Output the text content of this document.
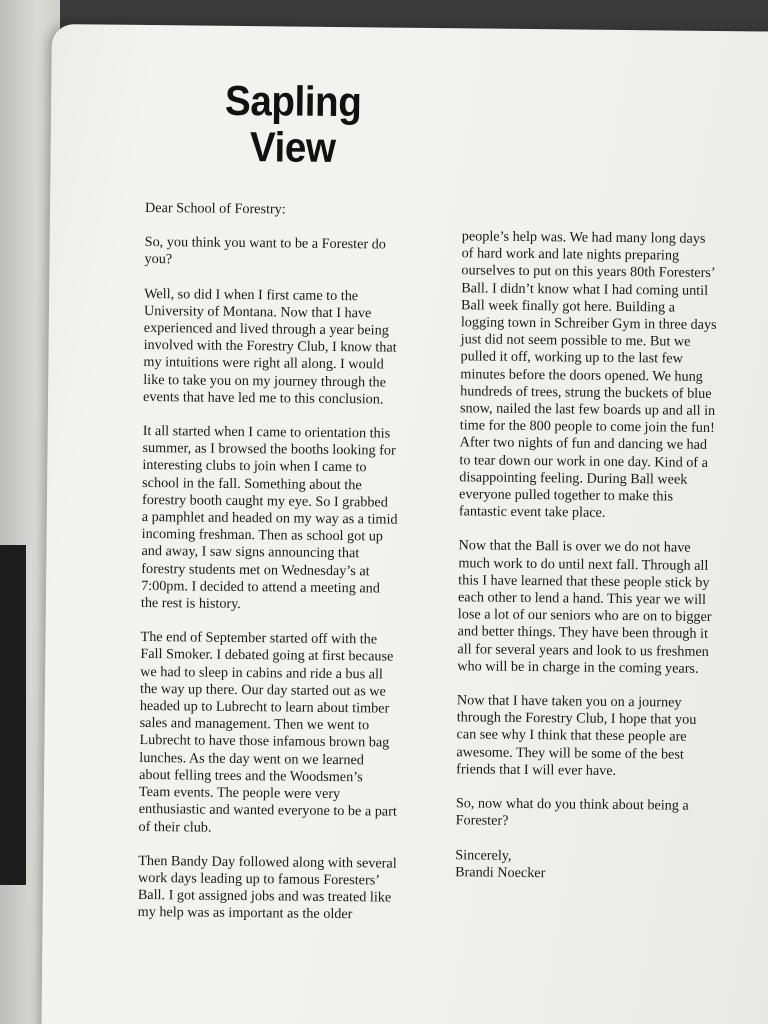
Sapling
View

Dear School of Forestry:

So, you think you want to be a Forester do
you?

Well, so did I when I first came to the
University of Montana. Now that I have
experienced and lived through a year being
involved with the Forestry Club, I know that
my intuitions were right all along. I would
like to take you on my journey through the
events that have led me to this conclusion.

It all started when I came to orientation this
summer, as I browsed the booths looking for
interesting clubs to join when I came to
school in the fall. Something about the
forestry booth caught my eye. So I grabbed
a pamphlet and headed on my way as a timid
incoming freshman. Then as school got up
and away, I saw signs announcing that
forestry students met on Wednesday’s at
7:00pm. I decided to attend a meeting and
the rest is history.

The end of September started off with the
Fall Smoker. I debated going at first because
we had to sleep in cabins and ride a bus all
the way up there. Our day started out as we
headed up to Lubrecht to learn about timber
sales and management. Then we went to
Lubrecht to have those infamous brown bag
lunches. As the day went on we learned
about felling trees and the Woodsmen’s
Team events. The people were very
enthusiastic and wanted everyone to be a part
of their club.

Then Bandy Day followed along with several
work days leading up to famous Foresters’
Ball. I got assigned jobs and was treated like
my help was as important as the older

people’s help was. We had many long days
of hard work and late nights preparing
ourselves to put on this years 80th Foresters’
Ball. I didn’t know what I had coming until
Ball week finally got here. Building a
logging town in Schreiber Gym in three days
just did not seem possible to me. But we
pulled it off, working up to the last few
minutes before the doors opened. We hung
hundreds of trees, strung the buckets of blue
snow, nailed the last few boards up and all in
time for the 800 people to come join the fun!
After two nights of fun and dancing we had
to tear down our work in one day. Kind of a
disappointing feeling. During Ball week
everyone pulled together to make this
fantastic event take place.

Now that the Ball is over we do not have
much work to do until next fall. Through all
this I have learned that these people stick by
each other to lend a hand. This year we will
lose a lot of our seniors who are on to bigger
and better things. They have been through it
all for several years and look to us freshmen
who will be in charge in the coming years.

Now that I have taken you on a journey
through the Forestry Club, I hope that you
can see why I think that these people are
awesome. They will be some of the best
friends that I will ever have.

So, now what do you think about being a
Forester?

Sincerely,

Brandi Noecker
